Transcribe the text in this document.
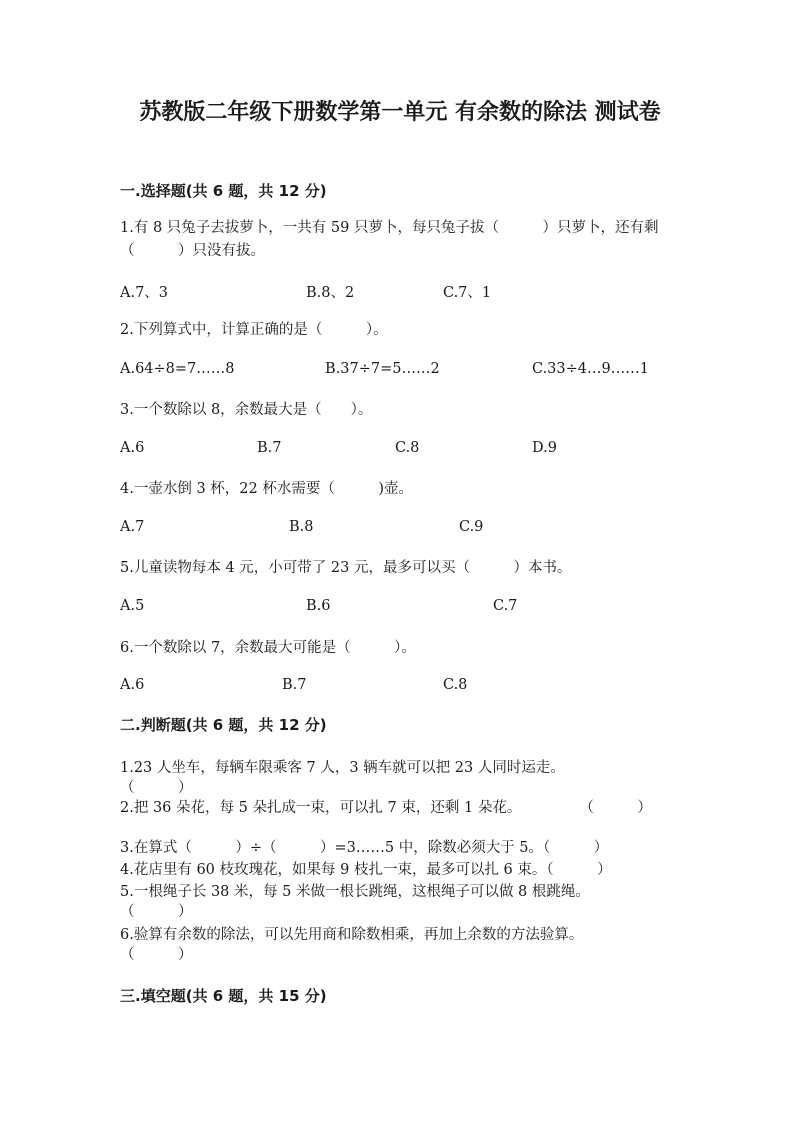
苏教版二年级下册数学第一单元 有余数的除法 测试卷
一.选择题(共 6 题，共 12 分)
1.有 8 只兔子去拔萝卜，一共有 59 只萝卜，每只兔子拔（　　　）只萝卜，还有剩（　　　）只没有拔。
A.7、3	B.8、2	C.7、1
2.下列算式中，计算正确的是（　　　）。
A.64÷8=7……8	B.37÷7=5……2	C.33÷4…9……1
3.一个数除以 8，余数最大是（　　）。
A.6	B.7	C.8	D.9
4.一壶水倒 3 杯，22 杯水需要（　　　)壶。
A.7	B.8	C.9
5.儿童读物每本 4 元，小可带了 23 元，最多可以买（　　　）本书。
A.5	B.6	C.7
6.一个数除以 7，余数最大可能是（　　　）。
A.6	B.7	C.8
二.判断题(共 6 题，共 12 分)
1.23 人坐车，每辆车限乘客 7 人，3 辆车就可以把 23 人同时运走。
（　　　）
2.把 36 朵花，每 5 朵扎成一束，可以扎 7 束，还剩 1 朵花。　　　　　（　　　）
3.在算式（　　　）÷（　　　）=3……5 中，除数必须大于 5。（　　　）
4.花店里有 60 枝玫瑰花，如果每 9 枝扎一束，最多可以扎 6 束。（　　　）
5.一根绳子长 38 米，每 5 米做一根长跳绳，这根绳子可以做 8 根跳绳。
（　　　）
6.验算有余数的除法，可以先用商和除数相乘，再加上余数的方法验算。
（　　　）
三.填空题(共 6 题，共 15 分)
